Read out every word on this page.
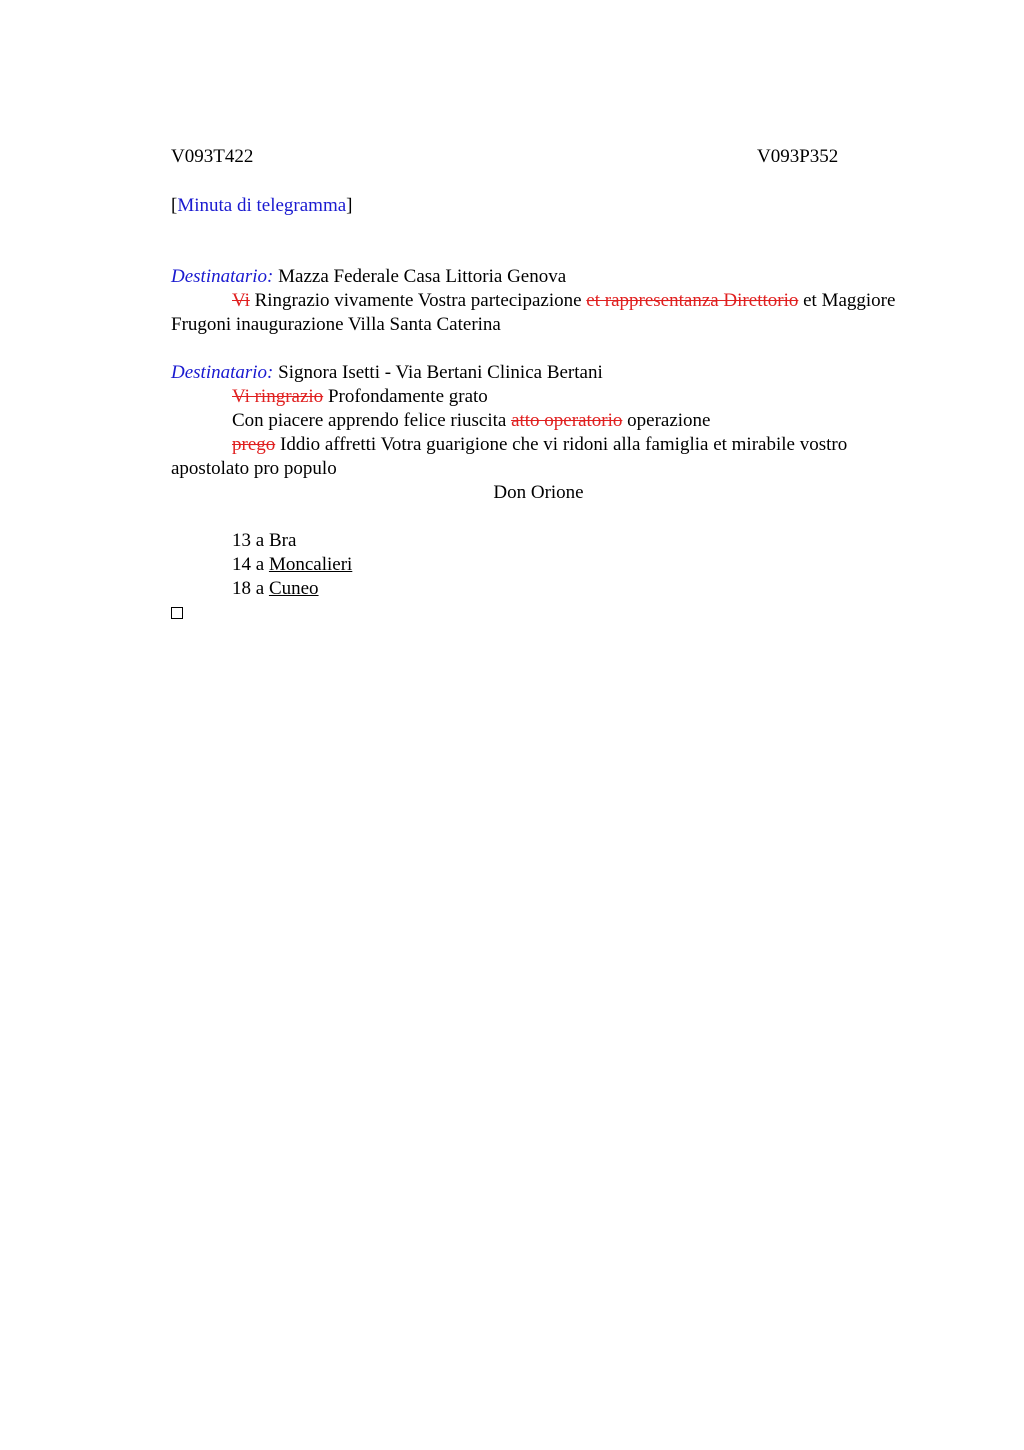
V093T422	V093P352
[Minuta di telegramma]

Destinatario: Mazza Federale Casa Littoria Genova

Vi Ringrazio vivamente Vostra partecipazione et rappresentanza Direttorio et Maggiore Frugoni inaugurazione Villa Santa Caterina

Destinatario: Signora Isetti - Via Bertani Clinica Bertani

Vi ringrazio Profondamente grato

Con piacere apprendo felice riuscita atto operatorio operazione

prego Iddio affretti Votra guarigione che vi ridoni alla famiglia et mirabile vostro apostolato pro populo

Don Orione

13 a Bra
14 a Moncalieri
18 a Cuneo
